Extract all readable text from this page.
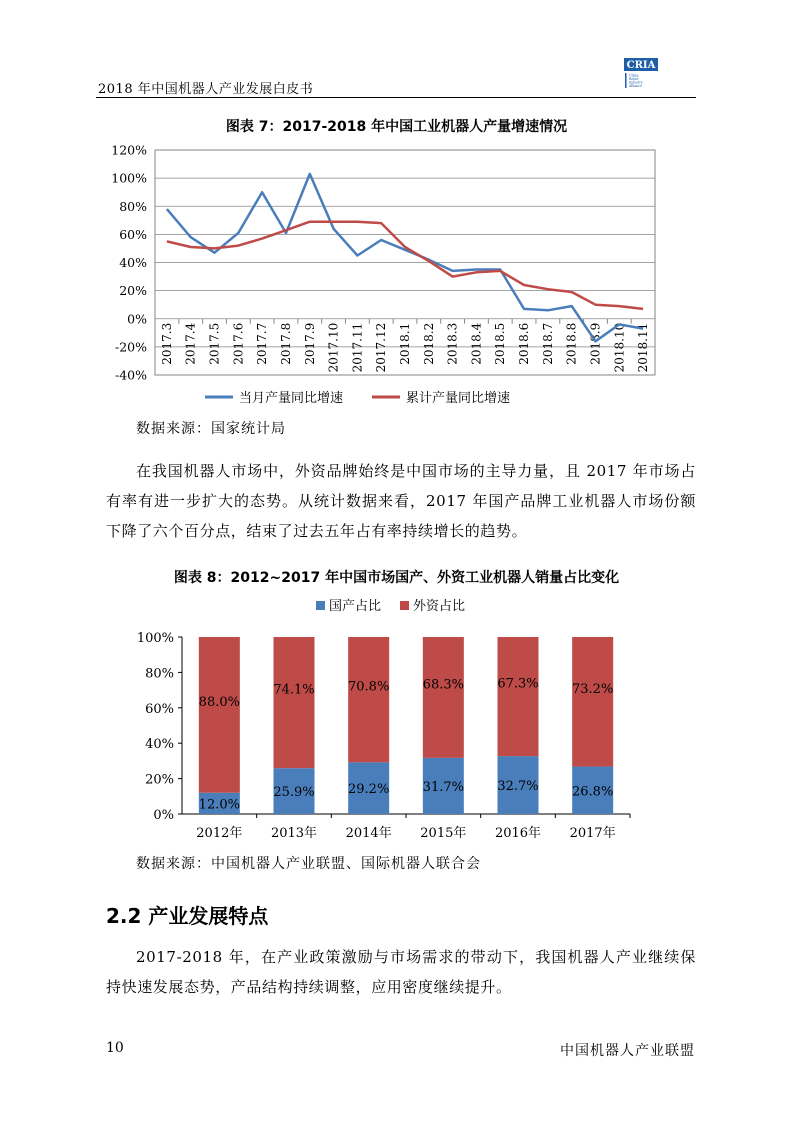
2018 年中国机器人产业发展白皮书
CRIA
China Robot Industry Alliance
图表 7：2017-2018 年中国工业机器人产量增速情况
120%
100%
80%
60%
40%
20%
0%
-20%
-40%
2017.3 2017.4 2017.5 2017.6 2017.7 2017.8 2017.9 2017.10 2017.11 2017.12 2018.1 2018.2 2018.3 2018.4 2018.5 2018.6 2018.7 2018.8 2018.9 2018.10 2018.11
当月产量同比增速	累计产量同比增速
数据来源：国家统计局

在我国机器人市场中，外资品牌始终是中国市场的主导力量，且 2017 年市场占有率有进一步扩大的态势。从统计数据来看，2017 年国产品牌工业机器人市场份额下降了六个百分点，结束了过去五年占有率持续增长的趋势。

图表 8：2012~2017 年中国市场国产、外资工业机器人销量占比变化
国产占比 外资占比
100%
80%
60%
40%
20%
0%
12.0%
88.0%
2012年
25.9%
74.1%
2013年
29.2%
70.8%
2014年
31.7%
68.3%
2015年
32.7%
67.3%
2016年
26.8%
73.2%
2017年
数据来源：中国机器人产业联盟、国际机器人联合会
2.2 产业发展特点

2017-2018 年，在产业政策激励与市场需求的带动下，我国机器人产业继续保持快速发展态势，产品结构持续调整，应用密度继续提升。

10	中国机器人产业联盟
